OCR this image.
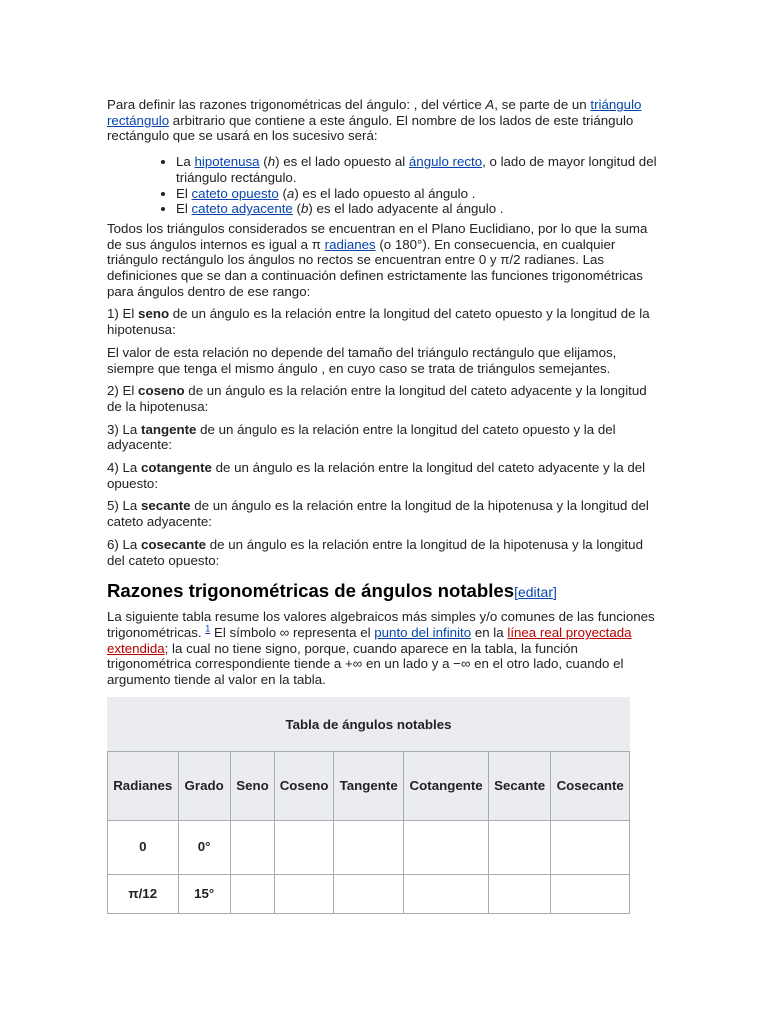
Para definir las razones trigonométricas del ángulo: , del vértice A, se parte de un triángulo rectángulo arbitrario que contiene a este ángulo. El nombre de los lados de este triángulo rectángulo que se usará en los sucesivo será:

• La hipotenusa (h) es el lado opuesto al ángulo recto, o lado de mayor longitud del triángulo rectángulo.
• El cateto opuesto (a) es el lado opuesto al ángulo .
• El cateto adyacente (b) es el lado adyacente al ángulo .

Todos los triángulos considerados se encuentran en el Plano Euclidiano, por lo que la suma de sus ángulos internos es igual a π radianes (o 180°). En consecuencia, en cualquier triángulo rectángulo los ángulos no rectos se encuentran entre 0 y π/2 radianes. Las definiciones que se dan a continuación definen estrictamente las funciones trigonométricas para ángulos dentro de ese rango:

1) El seno de un ángulo es la relación entre la longitud del cateto opuesto y la longitud de la hipotenusa:

El valor de esta relación no depende del tamaño del triángulo rectángulo que elijamos, siempre que tenga el mismo ángulo , en cuyo caso se trata de triángulos semejantes.

2) El coseno de un ángulo es la relación entre la longitud del cateto adyacente y la longitud de la hipotenusa:

3) La tangente de un ángulo es la relación entre la longitud del cateto opuesto y la del adyacente:

4) La cotangente de un ángulo es la relación entre la longitud del cateto adyacente y la del opuesto:

5) La secante de un ángulo es la relación entre la longitud de la hipotenusa y la longitud del cateto adyacente:

6) La cosecante de un ángulo es la relación entre la longitud de la hipotenusa y la longitud del cateto opuesto:

Razones trigonométricas de ángulos notables[editar]

La siguiente tabla resume los valores algebraicos más simples y/o comunes de las funciones trigonométricas. $^1$ El símbolo ∞ representa el punto del infinito en la línea real proyectada extendida; la cual no tiene signo, porque, cuando aparece en la tabla, la función trigonométrica correspondiente tiende a +∞ en un lado y a −∞ en el otro lado, cuando el argumento tiende al valor en la tabla.

Tabla de ángulos notables
Radianes	Grado	Seno	Coseno	Tangente	Cotangente	Secante	Cosecante
0	0°						
π/12	15°						
